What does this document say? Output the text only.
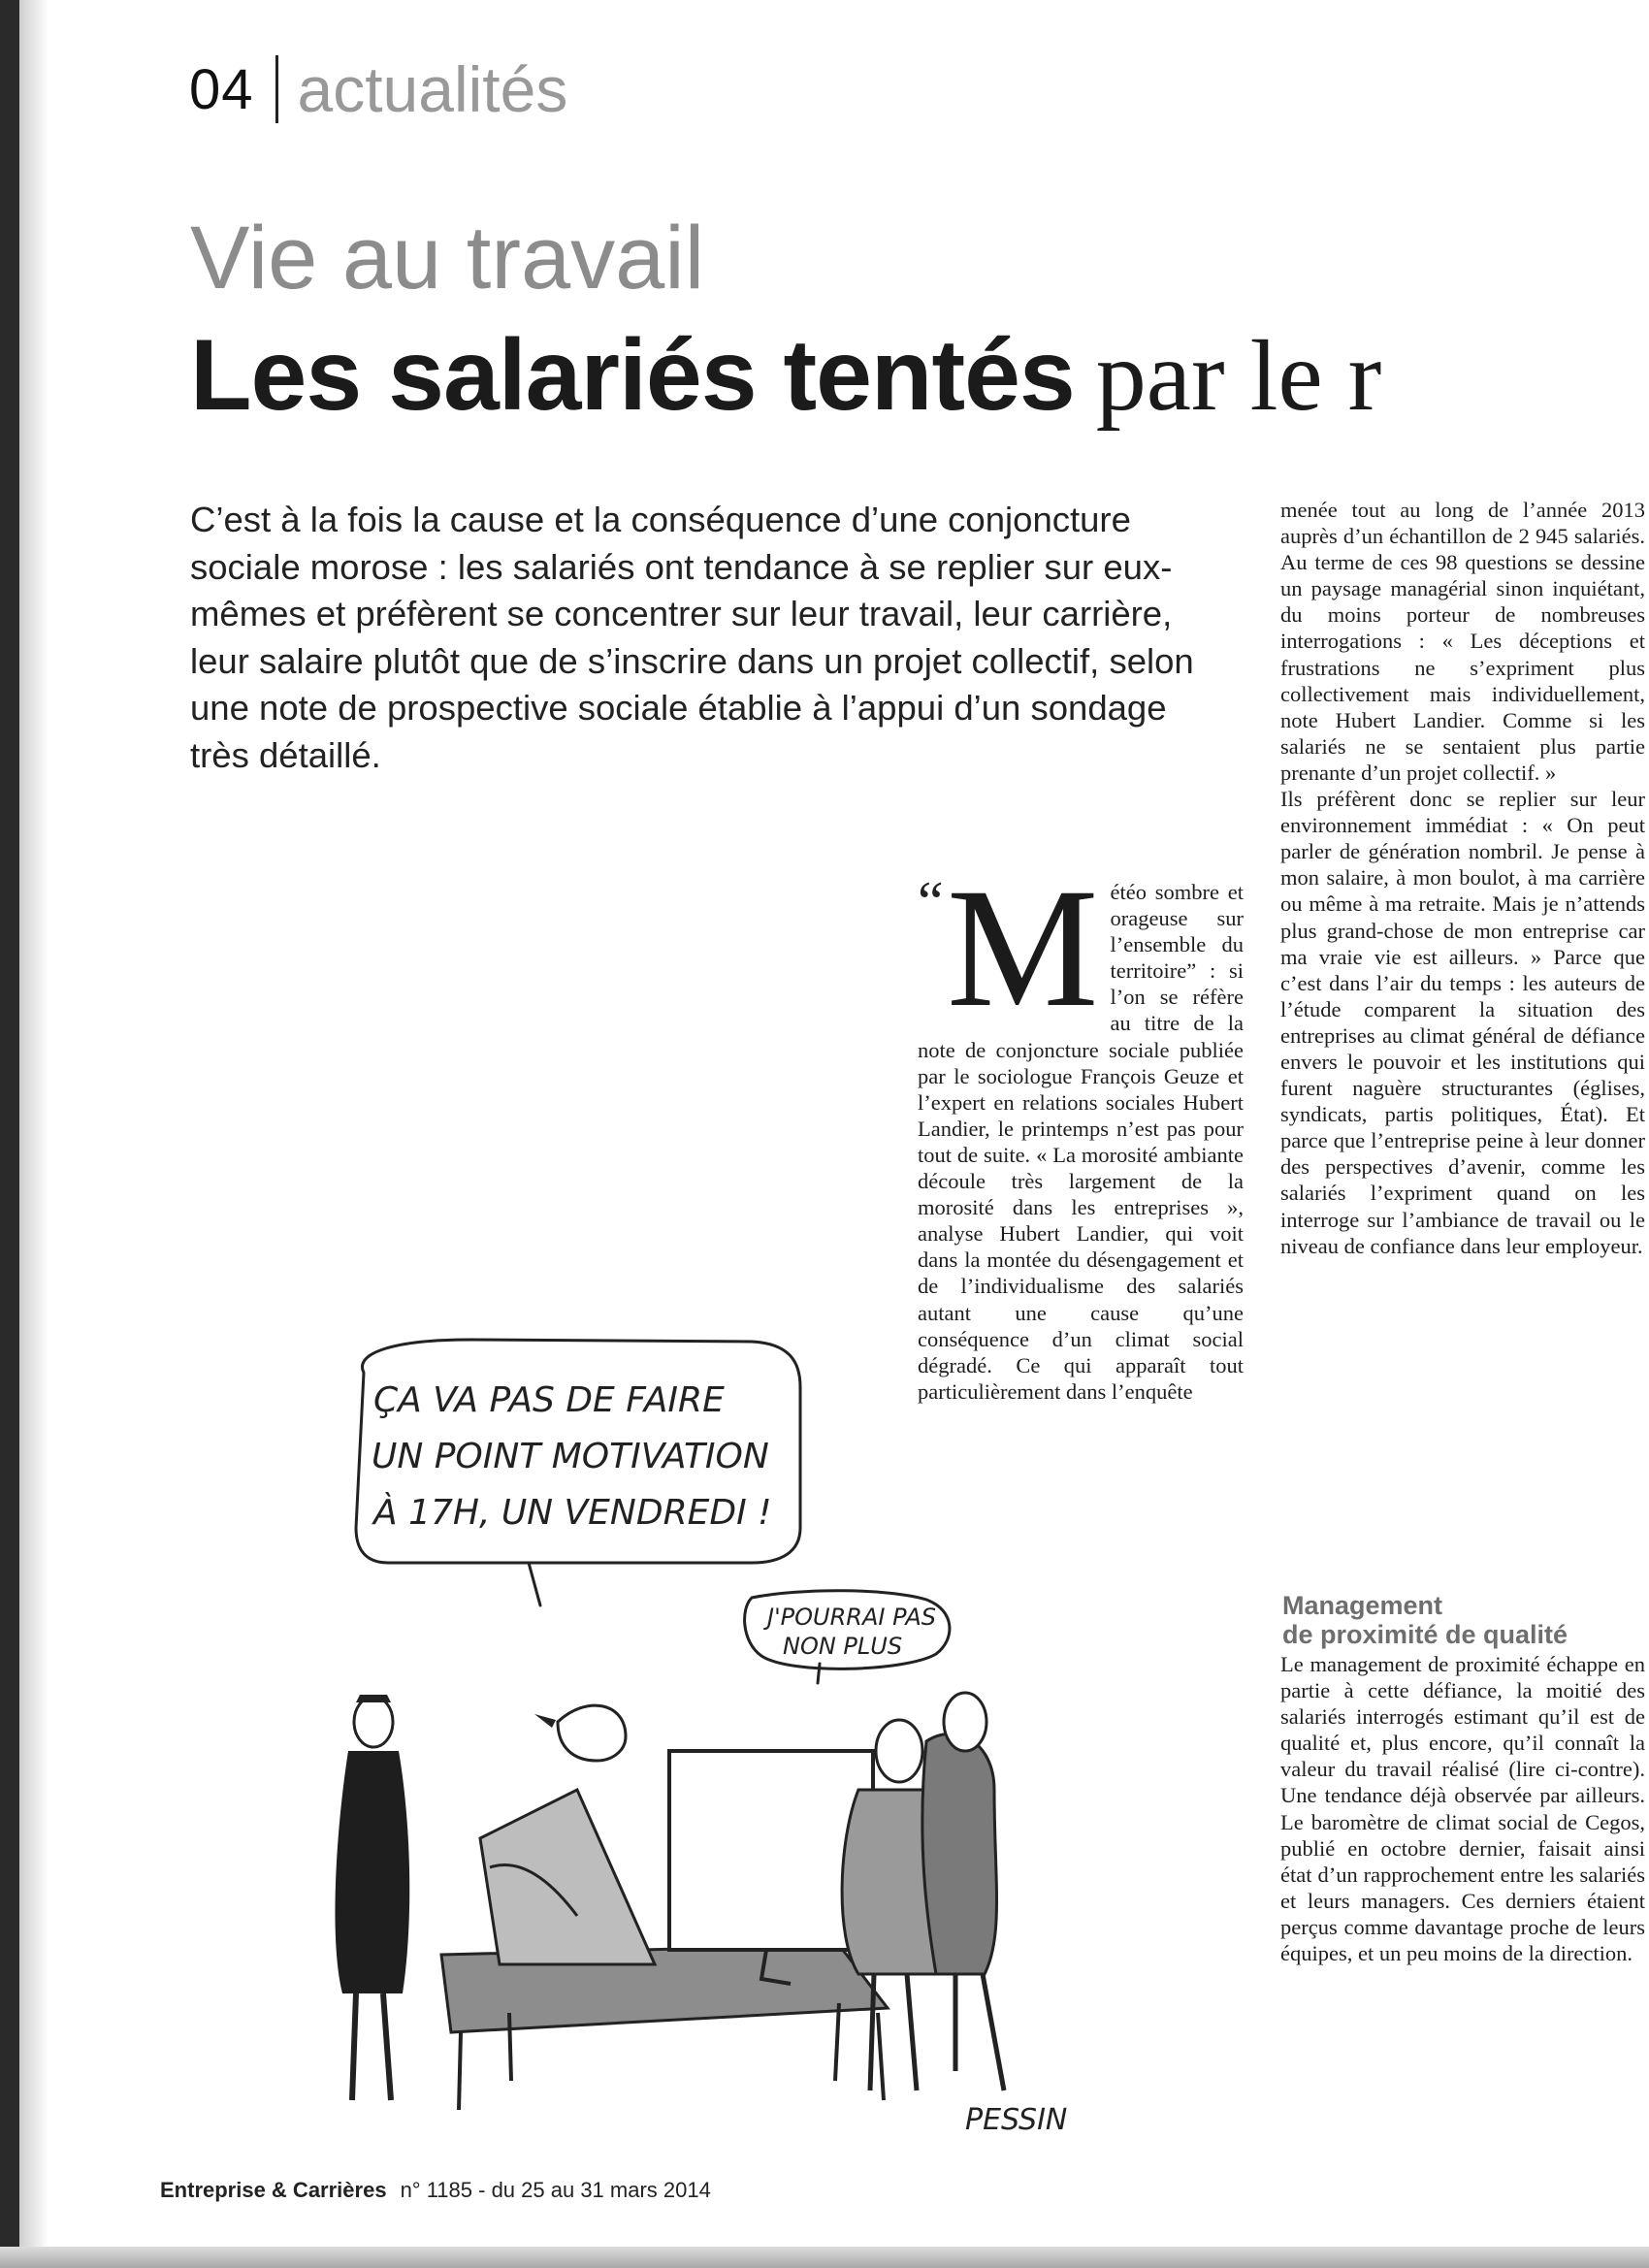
04 actualités
Vie au travail
Les salariés tentés par le r

C’est à la fois la cause et la conséquence d’une conjoncture sociale morose : les salariés ont tendance à se replier sur eux-mêmes et préfèrent se concentrer sur leur travail, leur carrière, leur salaire plutôt que de s’inscrire dans un projet collectif, selon une note de prospective sociale établie à l’appui d’un sondage très détaillé.

“ M étéo sombre et orageuse sur l’ensemble du territoire” : si l’on se réfère au titre de la note de conjoncture sociale publiée par le sociologue François Geuze et l’expert en relations sociales Hubert Landier, le printemps n’est pas pour tout de suite. « La morosité ambiante découle très largement de la morosité dans les entreprises », analyse Hubert Landier, qui voit dans la montée du désengagement et de l’individualisme des salariés autant une cause qu’une conséquence d’un climat social dégradé. Ce qui apparaît tout particulièrement dans l’enquête

menée tout au long de l’année 2013 auprès d’un échantillon de 2 945 salariés. Au terme de ces 98 questions se dessine un paysage managérial sinon inquiétant, du moins porteur de nombreuses interrogations : « Les déceptions et frustrations ne s’expriment plus collectivement mais individuellement, note Hubert Landier. Comme si les salariés ne se sentaient plus partie prenante d’un projet collectif. »

Ils préfèrent donc se replier sur leur environnement immédiat : « On peut parler de génération nombril. Je pense à mon salaire, à mon boulot, à ma carrière ou même à ma retraite. Mais je n’attends plus grand-chose de mon entreprise car ma vraie vie est ailleurs. » Parce que c’est dans l’air du temps : les auteurs de l’étude comparent la situation des entreprises au climat général de défiance envers le pouvoir et les institutions qui furent naguère structurantes (églises, syndicats, partis politiques, État). Et parce que l’entreprise peine à leur donner des perspectives d’avenir, comme les salariés l’expriment quand on les interroge sur l’ambiance de travail ou le niveau de confiance dans leur employeur.

Management
de proximité de qualité

Le management de proximité échappe en partie à cette défiance, la moitié des salariés interrogés estimant qu’il est de qualité et, plus encore, qu’il connaît la valeur du travail réalisé (lire ci-contre). Une tendance déjà observée par ailleurs. Le baromètre de climat social de Cegos, publié en octobre dernier, faisait ainsi état d’un rapprochement entre les salariés et leurs managers. Ces derniers étaient perçus comme davantage proche de leurs équipes, et un peu moins de la direction.

ÇA VA PAS DE FAIRE
UN POINT MOTIVATION
À 17H, UN VENDREDI !
J'POURRAI PAS
NON PLUS
PESSIN
Entreprise & Carrières n° 1185 - du 25 au 31 mars 2014
